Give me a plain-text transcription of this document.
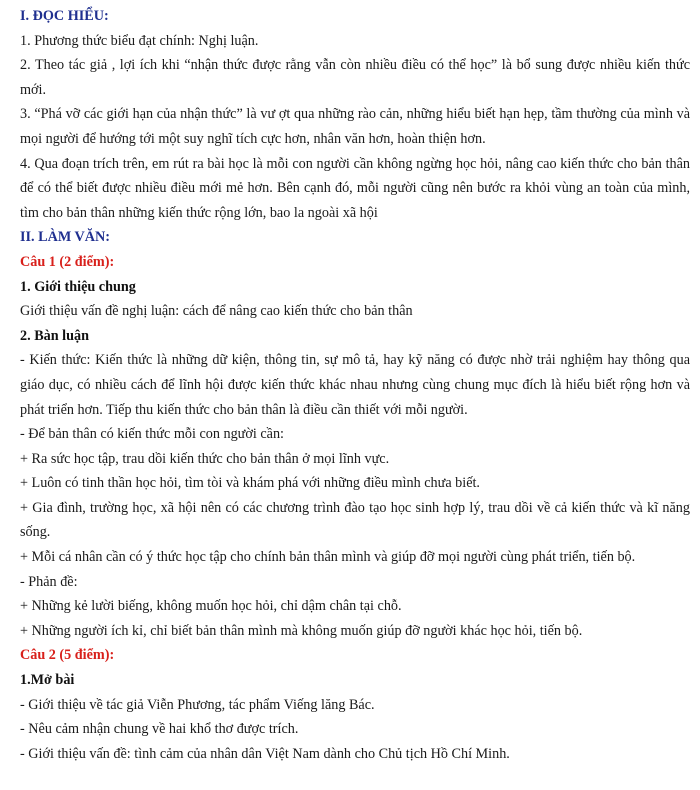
I. ĐỌC HIỂU:

1. Phương thức biểu đạt chính: Nghị luận.

2. Theo tác giả , lợi ích khi “nhận thức được rằng vẫn còn nhiều điều có thể học” là bổ sung được nhiều kiến thức mới.

3. “Phá vỡ các giới hạn của nhận thức” là vư ợt qua những rào cản, những hiểu biết hạn hẹp, tầm thường của mình và mọi người để hướng tới một suy nghĩ tích cực hơn, nhân văn hơn, hoàn thiện hơn.

4. Qua đoạn trích trên, em rút ra bài học là mỗi con người cần không ngừng học hỏi, nâng cao kiến thức cho bản thân để có thể biết được nhiều điều mới mẻ hơn. Bên cạnh đó, mỗi người cũng nên bước ra khỏi vùng an toàn của mình, tìm cho bản thân những kiến thức rộng lớn, bao la ngoài xã hội

II. LÀM VĂN:

Câu 1 (2 điểm):

1. Giới thiệu chung

Giới thiệu vấn đề nghị luận: cách để nâng cao kiến thức cho bản thân

2. Bàn luận

- Kiến thức: Kiến thức là những dữ kiện, thông tin, sự mô tả, hay kỹ năng có được nhờ trải nghiệm hay thông qua giáo dục, có nhiều cách để lĩnh hội được kiến thức khác nhau nhưng cùng chung mục đích là hiểu biết rộng hơn và phát triển hơn. Tiếp thu kiến thức cho bản thân là điều cần thiết với mỗi người.

- Để bản thân có kiến thức mỗi con người cần:

+ Ra sức học tập, trau dồi kiến thức cho bản thân ở mọi lĩnh vực.

+ Luôn có tinh thần học hỏi, tìm tòi và khám phá với những điều mình chưa biết.

+ Gia đình, trường học, xã hội nên có các chương trình đào tạo học sinh hợp lý, trau dồi về cả kiến thức và kĩ năng sống.

+ Mỗi cá nhân cần có ý thức học tập cho chính bản thân mình và giúp đỡ mọi người cùng phát triển, tiến bộ.

- Phản đề:

+ Những kẻ lười biếng, không muốn học hỏi, chỉ dậm chân tại chỗ.

+ Những người ích kỉ, chỉ biết bản thân mình mà không muốn giúp đỡ người khác học hỏi, tiến bộ.

Câu 2 (5 điểm):

1.Mở bài

- Giới thiệu về tác giả Viễn Phương, tác phẩm Viếng lăng Bác.

- Nêu cảm nhận chung về hai khổ thơ được trích.

- Giới thiệu vấn đề: tình cảm của nhân dân Việt Nam dành cho Chủ tịch Hồ Chí Minh.
